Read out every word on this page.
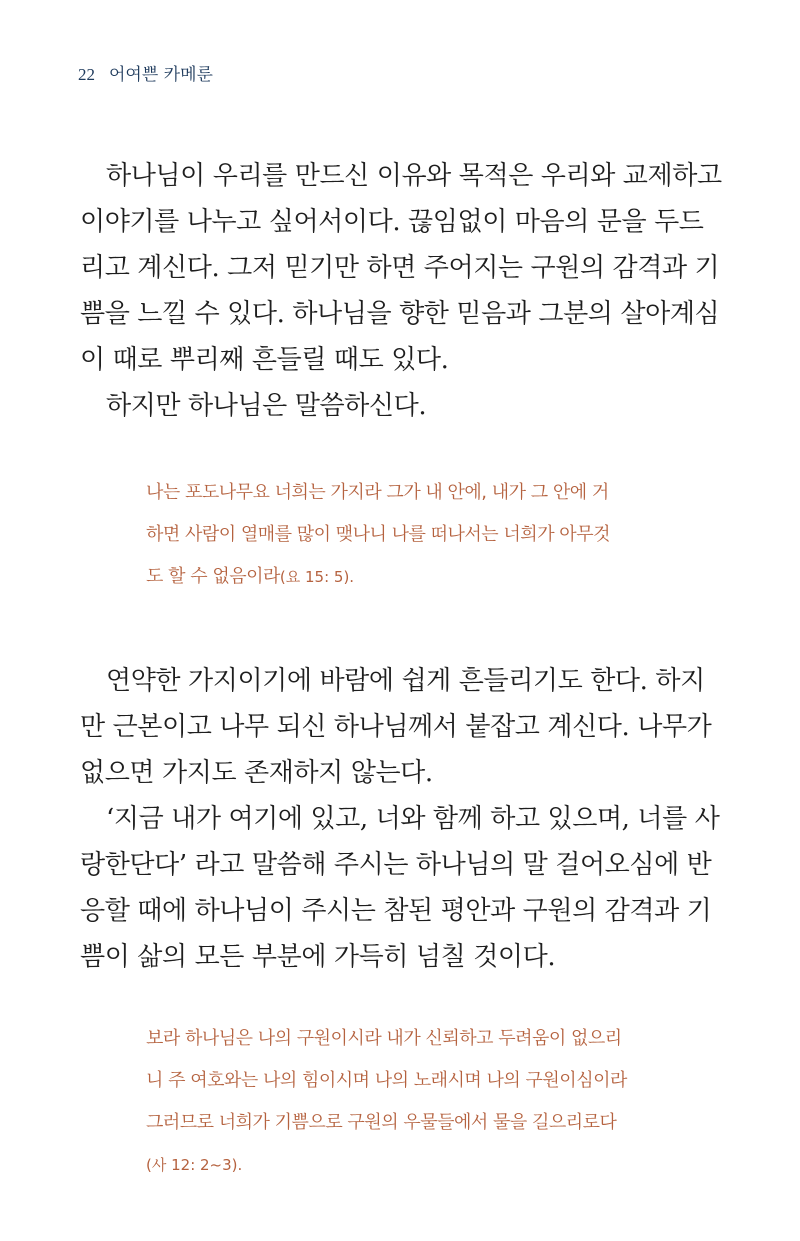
22 어여쁜 카메룬
하나님이 우리를 만드신 이유와 목적은 우리와 교제하고
이야기를 나누고 싶어서이다. 끊임없이 마음의 문을 두드
리고 계신다. 그저 믿기만 하면 주어지는 구원의 감격과 기
쁨을 느낄 수 있다. 하나님을 향한 믿음과 그분의 살아계심
이 때로 뿌리째 흔들릴 때도 있다.
하지만 하나님은 말씀하신다.
나는 포도나무요 너희는 가지라 그가 내 안에, 내가 그 안에 거
하면 사람이 열매를 많이 맺나니 나를 떠나서는 너희가 아무것
도 할 수 없음이라(요 15: 5).
연약한 가지이기에 바람에 쉽게 흔들리기도 한다. 하지
만 근본이고 나무 되신 하나님께서 붙잡고 계신다. 나무가
없으면 가지도 존재하지 않는다.
‘지금 내가 여기에 있고, 너와 함께 하고 있으며, 너를 사
랑한단다’ 라고 말씀해 주시는 하나님의 말 걸어오심에 반
응할 때에 하나님이 주시는 참된 평안과 구원의 감격과 기
쁨이 삶의 모든 부분에 가득히 넘칠 것이다.
보라 하나님은 나의 구원이시라 내가 신뢰하고 두려움이 없으리
니 주 여호와는 나의 힘이시며 나의 노래시며 나의 구원이심이라
그러므로 너희가 기쁨으로 구원의 우물들에서 물을 길으리로다
(사 12: 2~3).
